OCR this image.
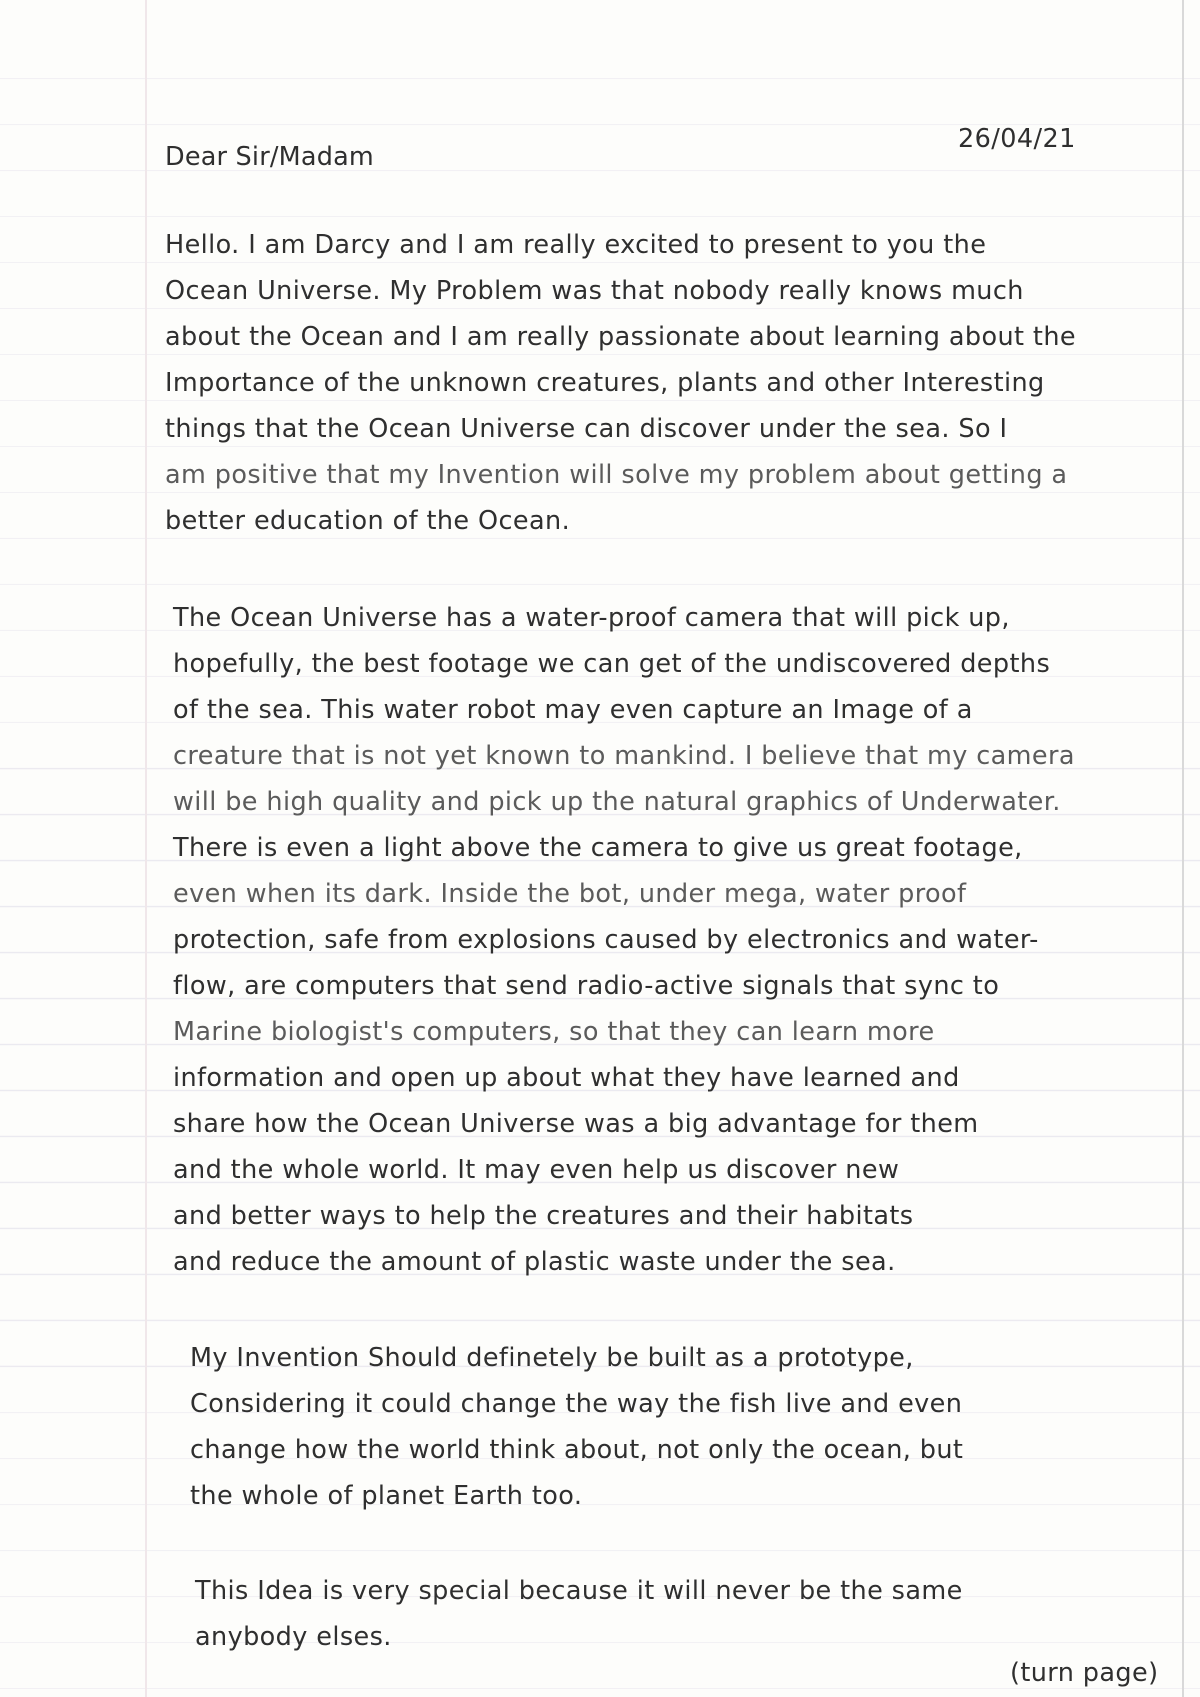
Dear Sir/Madam
26/04/21
Hello. I am Darcy and I am really excited to present to you the
Ocean Universe. My Problem was that nobody really knows much
about the Ocean and I am really passionate about learning about the
Importance of the unknown creatures, plants and other Interesting
things that the Ocean Universe can discover under the sea. So I
am positive that my Invention will solve my problem about getting a
better education of the Ocean.
The Ocean Universe has a water-proof camera that will pick up,
hopefully, the best footage we can get of the undiscovered depths
of the sea. This water robot may even capture an Image of a
creature that is not yet known to mankind. I believe that my camera
will be high quality and pick up the natural graphics of Underwater.
There is even a light above the camera to give us great footage,
even when its dark. Inside the bot, under mega, water proof
protection, safe from explosions caused by electronics and water-
flow, are computers that send radio-active signals that sync to
Marine biologist's computers, so that they can learn more
information and open up about what they have learned and
share how the Ocean Universe was a big advantage for them
and the whole world. It may even help us discover new
and better ways to help the creatures and their habitats
and reduce the amount of plastic waste under the sea.
My Invention Should definetely be built as a prototype,
Considering it could change the way the fish live and even
change how the world think about, not only the ocean, but
the whole of planet Earth too.
This Idea is very special because it will never be the same
anybody elses.
(turn page)
